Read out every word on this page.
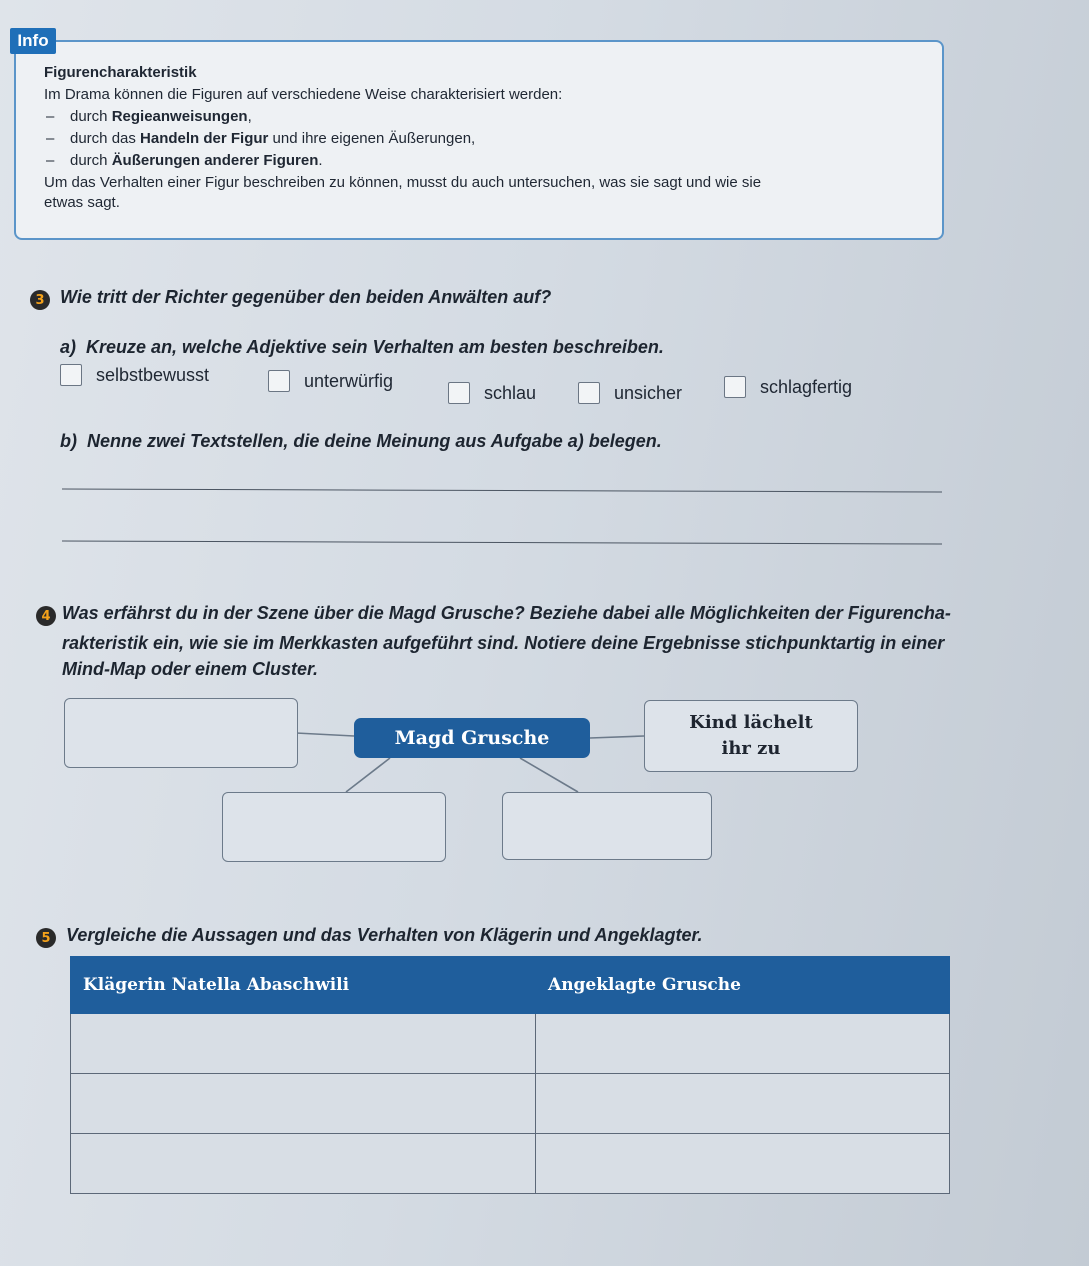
Info
Figurencharakteristik
Im Drama können die Figuren auf verschiedene Weise charakterisiert werden:
– durch Regieanweisungen,
– durch das Handeln der Figur und ihre eigenen Äußerungen,
– durch Äußerungen anderer Figuren.
Um das Verhalten einer Figur beschreiben zu können, musst du auch untersuchen, was sie sagt und wie sie
etwas sagt.
3 Wie tritt der Richter gegenüber den beiden Anwälten auf?
a) Kreuze an, welche Adjektive sein Verhalten am besten beschreiben.
selbstbewusst	unterwürfig
schlau	unsicher	schlagfertig
b) Nenne zwei Textstellen, die deine Meinung aus Aufgabe a) belegen.
4 Was erfährst du in der Szene über die Magd Grusche? Beziehe dabei alle Möglichkeiten der Figurencha-
rakteristik ein, wie sie im Merkkasten aufgeführt sind. Notiere deine Ergebnisse stichpunktartig in einer
Mind-Map oder einem Cluster.
Magd Grusche
Kind lächelt
ihr zu
5 Vergleiche die Aussagen und das Verhalten von Klägerin und Angeklagter.
Klägerin Natella Abaschwili	Angeklagte Grusche
